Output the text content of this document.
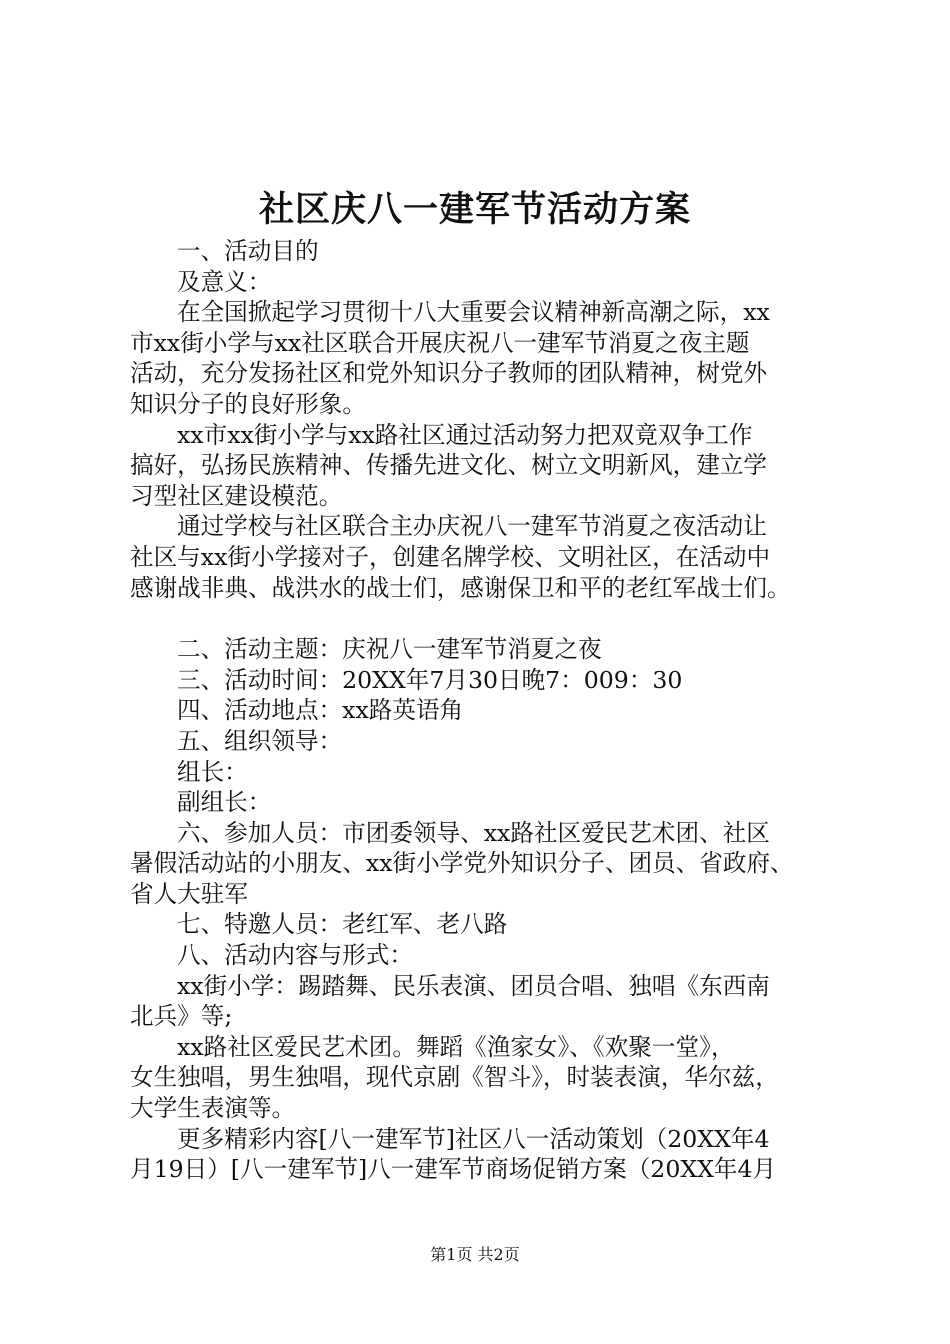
社区庆八一建军节活动方案

一、活动目的

及意义：

在全国掀起学习贯彻十八大重要会议精神新高潮之际，xx

市xx街小学与xx社区联合开展庆祝八一建军节消夏之夜主题

活动，充分发扬社区和党外知识分子教师的团队精神，树党外

知识分子的良好形象。

xx市xx街小学与xx路社区通过活动努力把双竟双争工作

搞好，弘扬民族精神、传播先进文化、树立文明新风，建立学

习型社区建设模范。

通过学校与社区联合主办庆祝八一建军节消夏之夜活动让

社区与xx街小学接对子，创建名牌学校、文明社区，在活动中

感谢战非典、战洪水的战士们，感谢保卫和平的老红军战士们。

二、活动主题：庆祝八一建军节消夏之夜

三、活动时间：20XX年7月30日晚7：009：30

四、活动地点：xx路英语角

五、组织领导：

组长：

副组长：

六、参加人员：市团委领导、xx路社区爱民艺术团、社区

暑假活动站的小朋友、xx街小学党外知识分子、团员、省政府、

省人大驻军

七、特邀人员：老红军、老八路

八、活动内容与形式：

xx街小学：踢踏舞、民乐表演、团员合唱、独唱《东西南

北兵》等;

xx路社区爱民艺术团。舞蹈《渔家女》、《欢聚一堂》，

女生独唱，男生独唱，现代京剧《智斗》，时装表演，华尔兹，

大学生表演等。

更多精彩内容[八一建军节]社区八一活动策划（20XX年4

月19日）[八一建军节]八一建军节商场促销方案（20XX年4月

第1页 共2页
